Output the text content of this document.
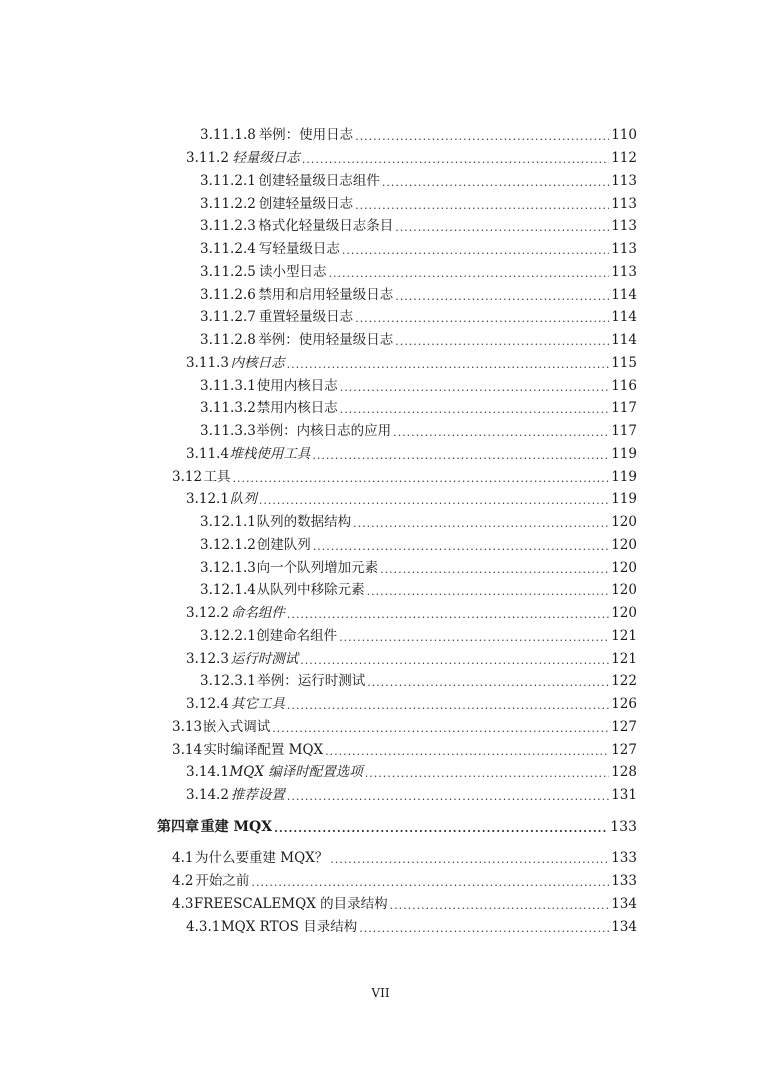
3.11.1.8 举例：使用日志 .....	110
3.11.2 轻量级日志 .....	112
3.11.2.1 创建轻量级日志组件 .....	113
3.11.2.2 创建轻量级日志 .....	113
3.11.2.3 格式化轻量级日志条目 .....	113
3.11.2.4 写轻量级日志 .....	113
3.11.2.5 读小型日志 .....	113
3.11.2.6 禁用和启用轻量级日志 .....	114
3.11.2.7 重置轻量级日志 .....	114
3.11.2.8 举例：使用轻量级日志 .....	114
3.11.3 内核日志 .....	115
3.11.3.1 使用内核日志 .....	116
3.11.3.2 禁用内核日志 .....	117
3.11.3.3 举例：内核日志的应用 .....	117
3.11.4 堆栈使用工具 .....	119
3.12 工具 .....	119
3.12.1 队列 .....	119
3.12.1.1 队列的数据结构 .....	120
3.12.1.2 创建队列 .....	120
3.12.1.3 向一个队列增加元素 .....	120
3.12.1.4 从队列中移除元素 .....	120
3.12.2 命名组件 .....	120
3.12.2.1 创建命名组件 .....	121
3.12.3 运行时测试 .....	121
3.12.3.1 举例：运行时测试 .....	122
3.12.4 其它工具 .....	126
3.13 嵌入式调试 .....	127
3.14 实时编译配置 MQX .....	127
3.14.1 MQX 编译时配置选项 .....	128
3.14.2 推荐设置 .....	131
第四章 重建 MQX .....	133
4.1 为什么要重建 MQX？ .....	133
4.2 开始之前 .....	133
4.3 FREESCALEMQX 的目录结构 .....	134
4.3.1 MQX RTOS 目录结构 .....	134
VII
